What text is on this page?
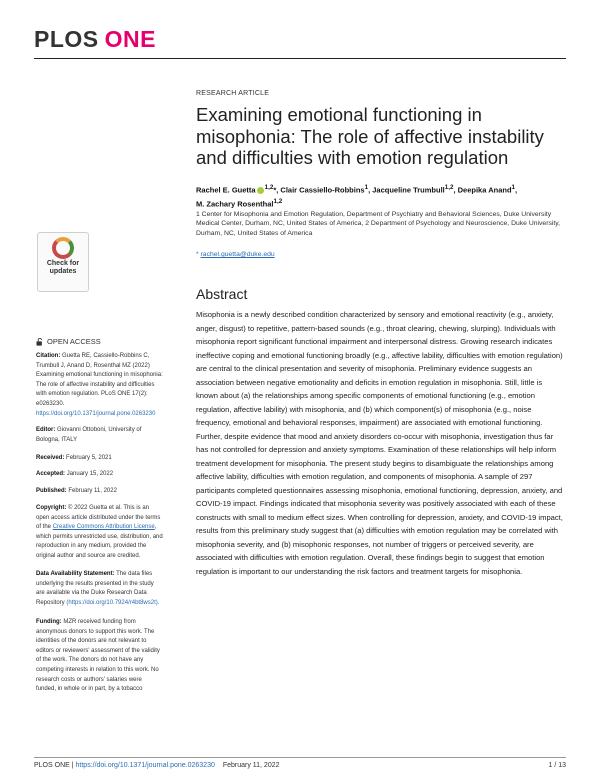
PLOS ONE
RESEARCH ARTICLE
Examining emotional functioning in misophonia: The role of affective instability and difficulties with emotion regulation
Rachel E. Guetta $^{1,2}$*, Clair Cassiello-Robbins$^1$, Jacqueline Trumbull$^{1,2}$, Deepika Anand$^1$,
M. Zachary Rosenthal$^{1,2}$
1 Center for Misophonia and Emotion Regulation, Department of Psychiatry and Behavioral Sciences, Duke University Medical Center, Durham, NC, United States of America, 2 Department of Psychology and Neuroscience, Duke University, Durham, NC, United States of America
* rachel.guetta@duke.edu
Abstract
Misophonia is a newly described condition characterized by sensory and emotional reactivity (e.g., anxiety, anger, disgust) to repetitive, pattern-based sounds (e.g., throat clearing, chewing, slurping). Individuals with misophonia report significant functional impairment and interpersonal distress. Growing research indicates ineffective coping and emotional functioning broadly (e.g., affective lability, difficulties with emotion regulation) are central to the clinical presentation and severity of misophonia. Preliminary evidence suggests an association between negative emotionality and deficits in emotion regulation in misophonia. Still, little is known about (a) the relationships among specific components of emotional functioning (e.g., emotion regulation, affective lability) with misophonia, and (b) which component(s) of misophonia (e.g., noise frequency, emotional and behavioral responses, impairment) are associated with emotional functioning. Further, despite evidence that mood and anxiety disorders co-occur with misophonia, investigation thus far has not controlled for depression and anxiety symptoms. Examination of these relationships will help inform treatment development for misophonia. The present study begins to disambiguate the relationships among affective lability, difficulties with emotion regulation, and components of misophonia. A sample of 297 participants completed questionnaires assessing misophonia, emotional functioning, depression, anxiety, and COVID-19 impact. Findings indicated that misophonia severity was positively associated with each of these constructs with small to medium effect sizes. When controlling for depression, anxiety, and COVID-19 impact, results from this preliminary study suggest that (a) difficulties with emotion regulation may be correlated with misophonia severity, and (b) misophonic responses, not number of triggers or perceived severity, are associated with difficulties with emotion regulation. Overall, these findings begin to suggest that emotion regulation is important to our understanding the risk factors and treatment targets for misophonia.
Check for
updates
OPEN ACCESS
Citation: Guetta RE, Cassiello-Robbins C, Trumbull J, Anand D, Rosenthal MZ (2022) Examining emotional functioning in misophonia: The role of affective instability and difficulties with emotion regulation. PLoS ONE 17(2): e0263230. https://doi.org/10.1371/journal.pone.0263230
Editor: Giovanni Ottoboni, University of Bologna, ITALY
Received: February 5, 2021
Accepted: January 15, 2022
Published: February 11, 2022
Copyright: © 2022 Guetta et al. This is an open access article distributed under the terms of the Creative Commons Attribution License, which permits unrestricted use, distribution, and reproduction in any medium, provided the original author and source are credited.
Data Availability Statement: The data files underlying the results presented in the study are available via the Duke Research Data Repository (https://doi.org/10.7924/r4bt8ws2t).
Funding: MZR received funding from anonymous donors to support this work. The identities of the donors are not relevant to editors or reviewers' assessment of the validity of the work. The donors do not have any competing interests in relation to this work. No research costs or authors' salaries were funded, in whole or in part, by a tobacco
PLOS ONE | https://doi.org/10.1371/journal.pone.0263230 February 11, 2022	1 / 13
